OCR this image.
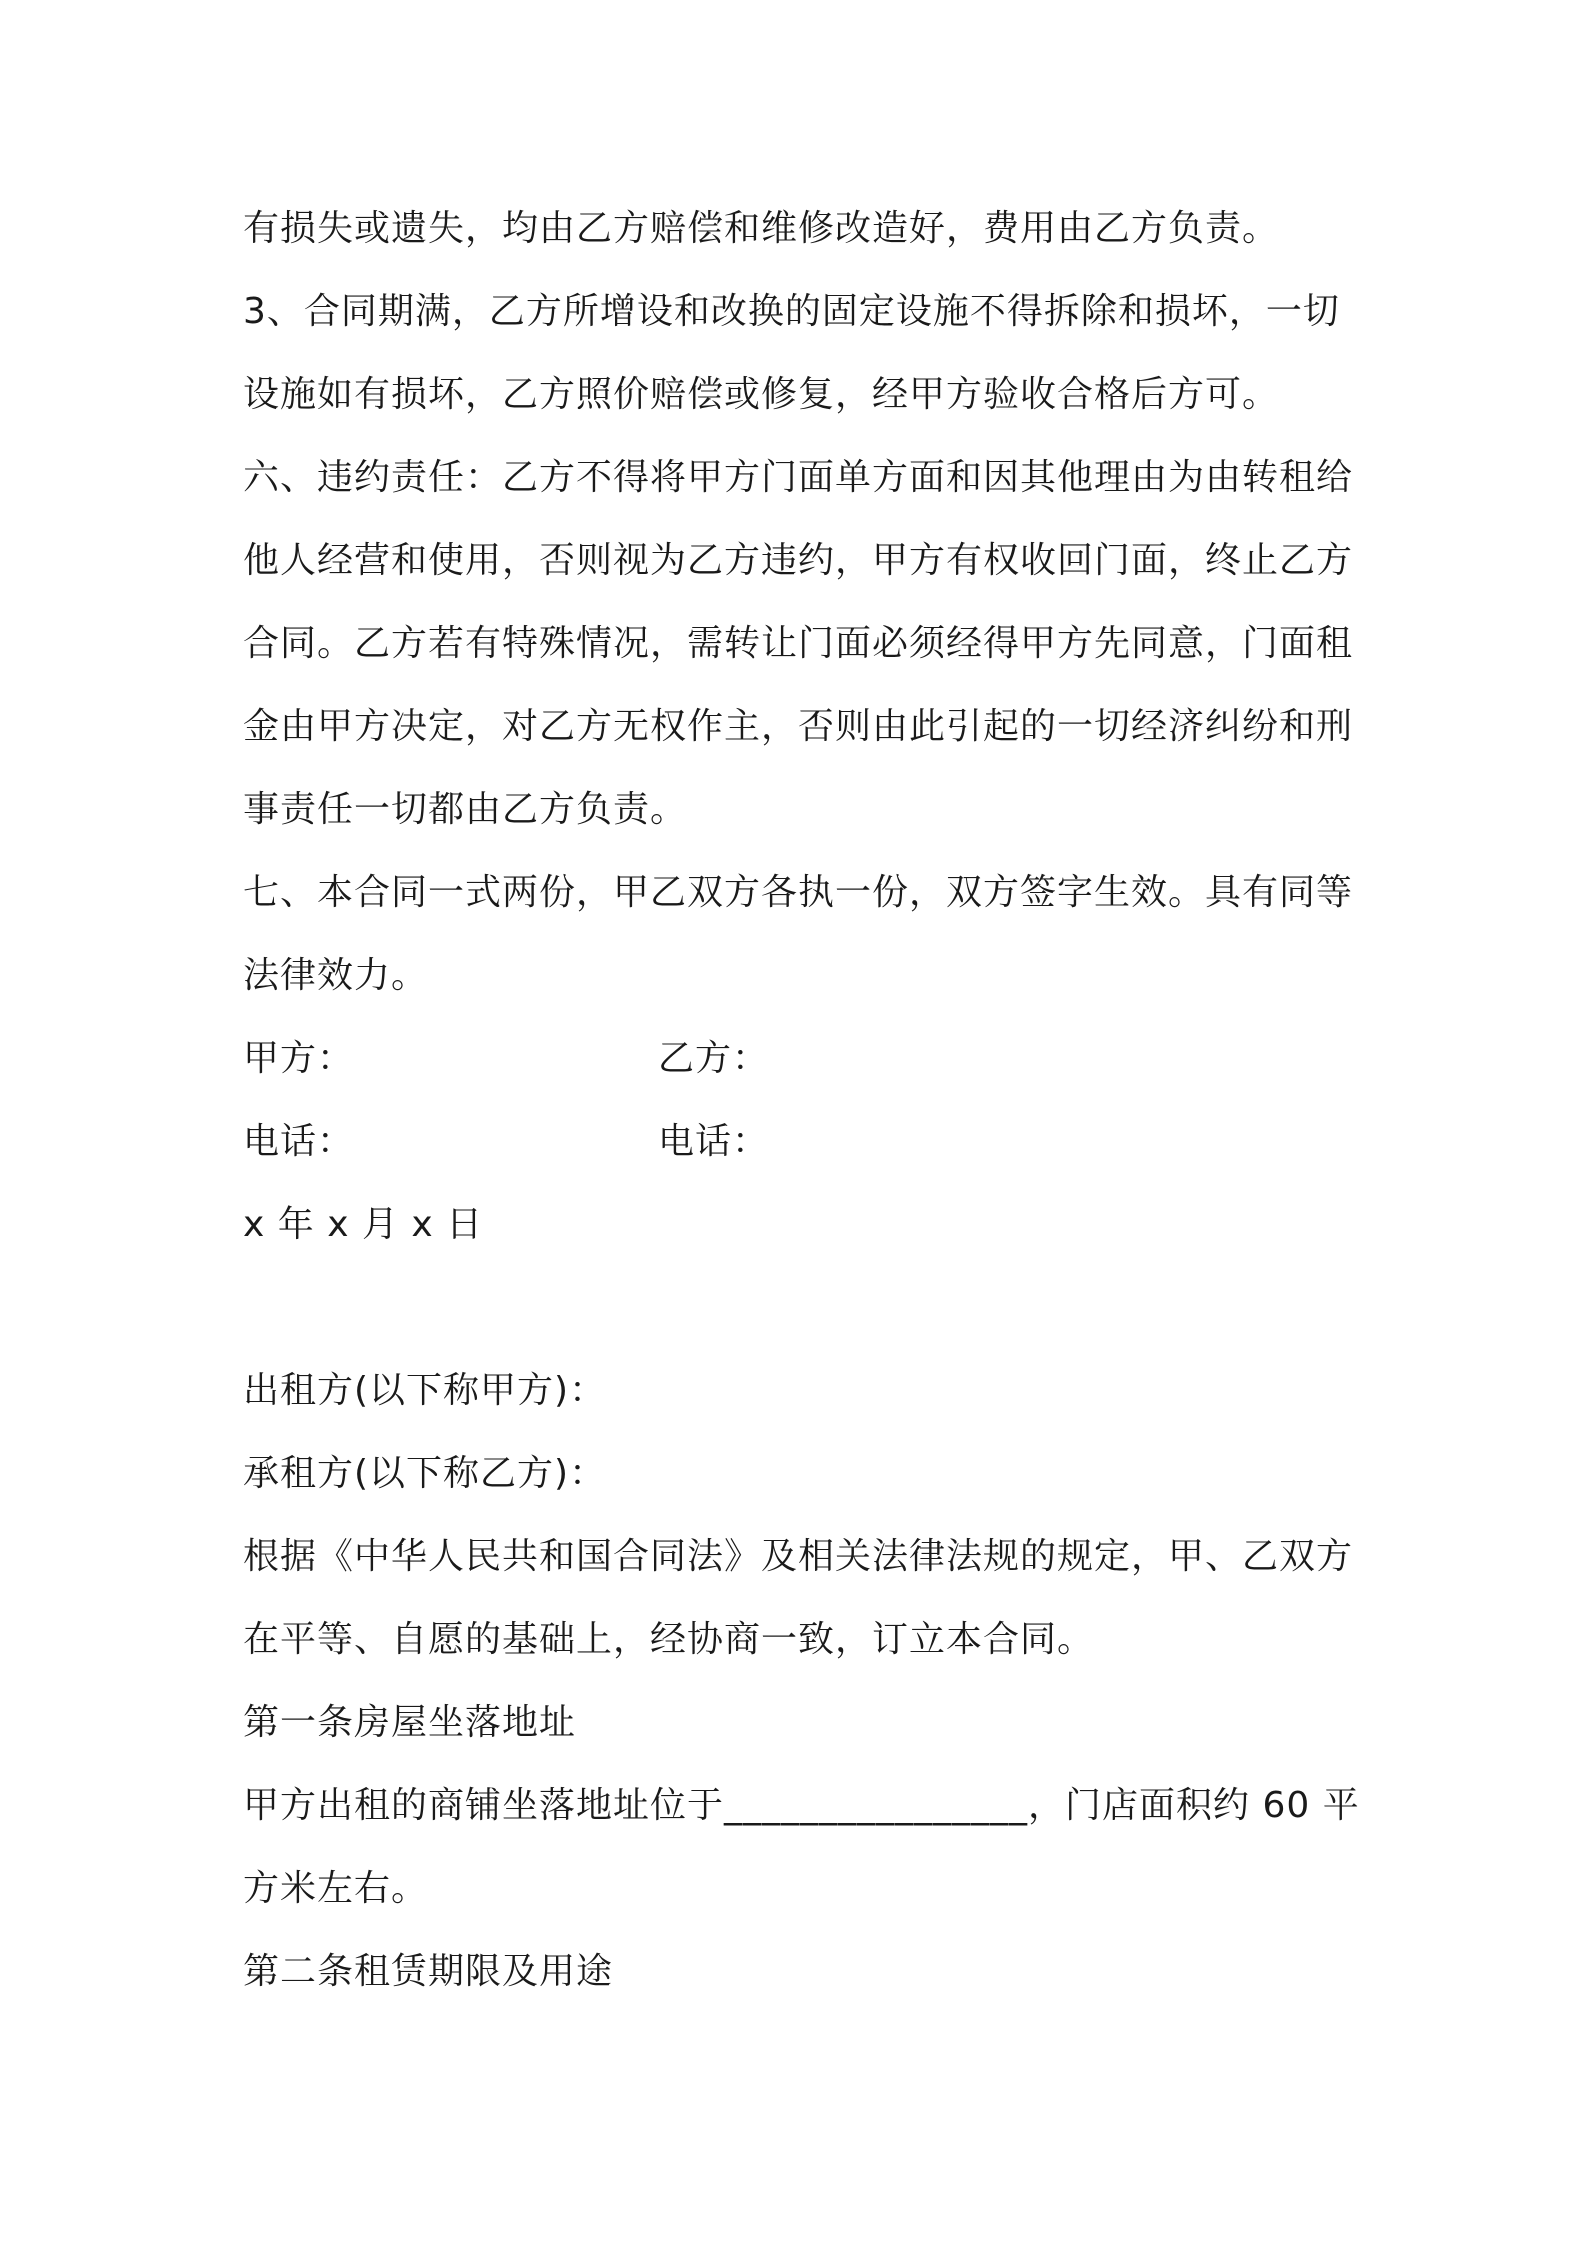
有损失或遗失，均由乙方赔偿和维修改造好，费用由乙方负责。
3、合同期满，乙方所增设和改换的固定设施不得拆除和损坏，一切
设施如有损坏，乙方照价赔偿或修复，经甲方验收合格后方可。
六、违约责任：乙方不得将甲方门面单方面和因其他理由为由转租给
他人经营和使用，否则视为乙方违约，甲方有权收回门面，终止乙方
合同。乙方若有特殊情况，需转让门面必须经得甲方先同意，门面租
金由甲方决定，对乙方无权作主，否则由此引起的一切经济纠纷和刑
事责任一切都由乙方负责。
七、本合同一式两份，甲乙双方各执一份，双方签字生效。具有同等
法律效力。
甲方：	乙方：
电话：	电话：
x 年 x 月 x 日
出租方(以下称甲方)：
承租方(以下称乙方)：
根据《中华人民共和国合同法》及相关法律法规的规定，甲、乙双方
在平等、自愿的基础上，经协商一致，订立本合同。
第一条房屋坐落地址
甲方出租的商铺坐落地址位于________________，门店面积约 60 平
方米左右。
第二条租赁期限及用途
